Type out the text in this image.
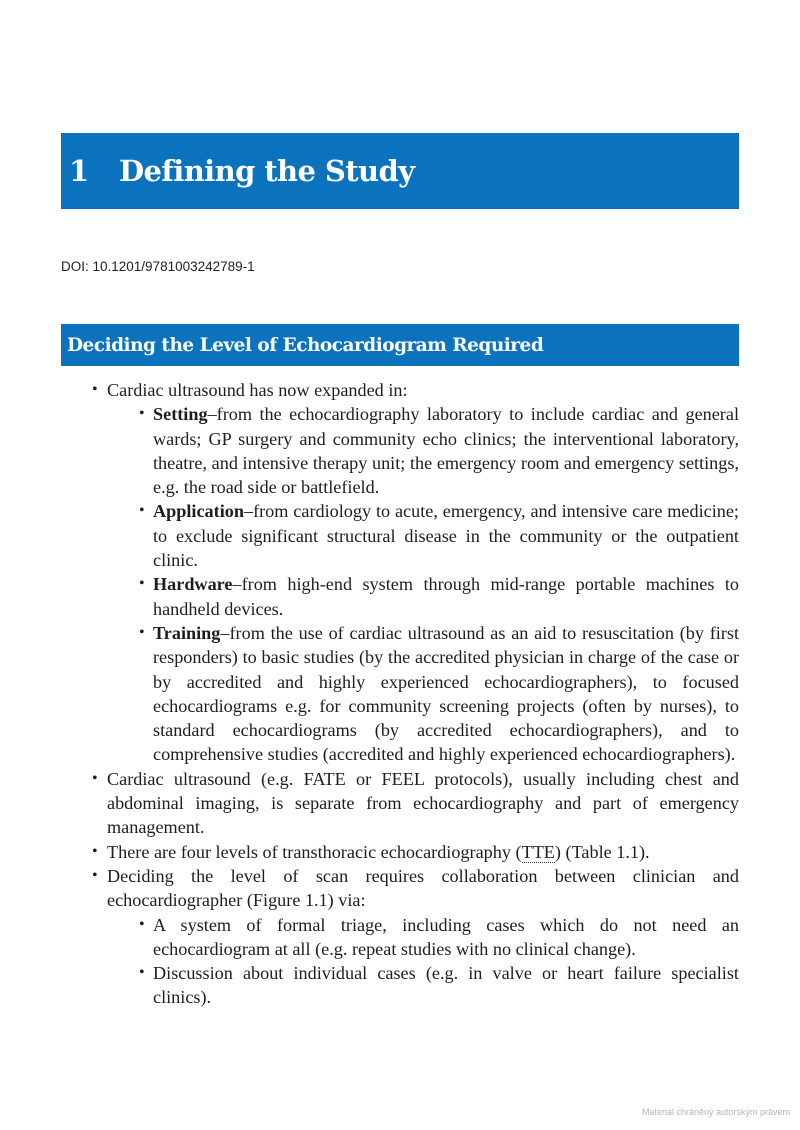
1	Defining the Study
DOI: 10.1201/9781003242789-1
Deciding the Level of Echocardiogram Required
• Cardiac ultrasound has now expanded in:
• Setting–from the echocardiography laboratory to include cardiac and general wards; GP surgery and community echo clinics; the interventional laboratory, theatre, and intensive therapy unit; the emergency room and emergency settings, e.g. the road side or battlefield.
• Application–from cardiology to acute, emergency, and intensive care medicine; to exclude significant structural disease in the community or the outpatient clinic.
• Hardware–from high-end system through mid-range portable machines to handheld devices.
• Training–from the use of cardiac ultrasound as an aid to resuscitation (by first responders) to basic studies (by the accredited physician in charge of the case or by accredited and highly experienced echocardiographers), to focused echocardiograms e.g. for community screening projects (often by nurses), to standard echocardiograms (by accredited echocardiographers), and to comprehensive studies (accredited and highly experienced echocardiographers).
• Cardiac ultrasound (e.g. FATE or FEEL protocols), usually including chest and abdominal imaging, is separate from echocardiography and part of emergency management.
• There are four levels of transthoracic echocardiography (TTE) (Table 1.1).
• Deciding the level of scan requires collaboration between clinician and echocardiographer (Figure 1.1) via:
• A system of formal triage, including cases which do not need an echocardiogram at all (e.g. repeat studies with no clinical change).
• Discussion about individual cases (e.g. in valve or heart failure specialist clinics).
Materiál chráněný autorským právem
